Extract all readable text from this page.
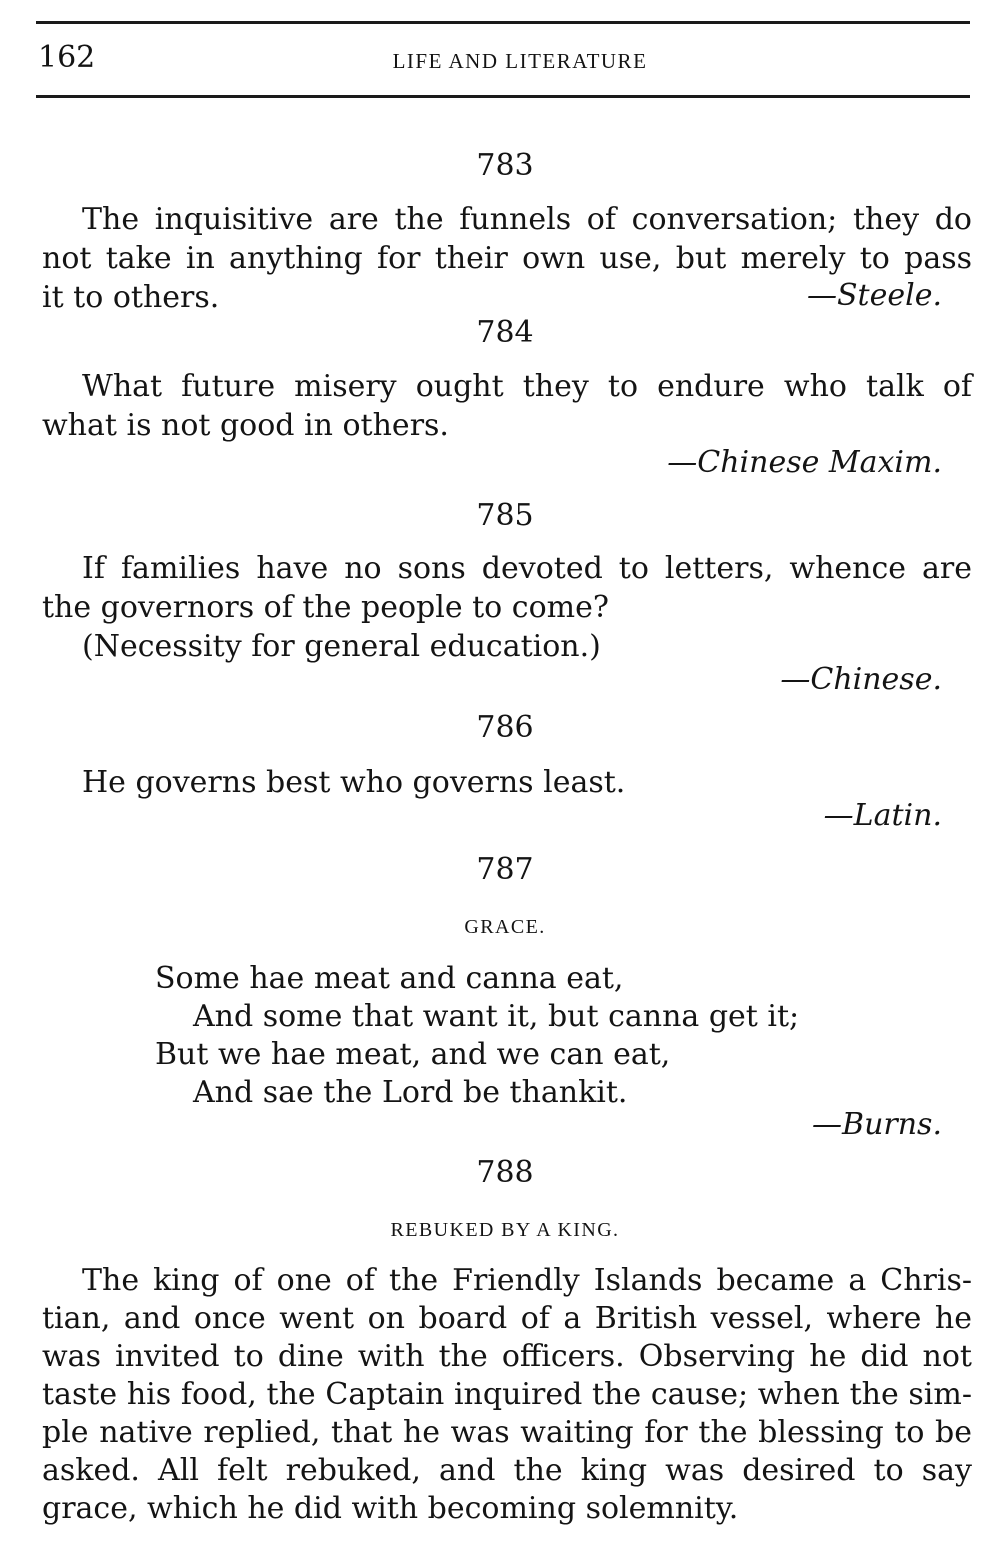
162	LIFE AND LITERATURE
783
The inquisitive are the funnels of conversation; they do
not take in anything for their own use, but merely to pass
it to others.	—Steele.
784
What future misery ought they to endure who talk of
what is not good in others.
—Chinese Maxim.
785
If families have no sons devoted to letters, whence are
the governors of the people to come?
(Necessity for general education.)
—Chinese.
786
He governs best who governs least.
—Latin.
787
GRACE.
Some hae meat and canna eat,
And some that want it, but canna get it;
But we hae meat, and we can eat,
And sae the Lord be thankit.
—Burns.
788
REBUKED BY A KING.
The king of one of the Friendly Islands became a Chris-
tian, and once went on board of a British vessel, where he
was invited to dine with the officers. Observing he did not
taste his food, the Captain inquired the cause; when the sim-
ple native replied, that he was waiting for the blessing to be
asked. All felt rebuked, and the king was desired to say
grace, which he did with becoming solemnity.
